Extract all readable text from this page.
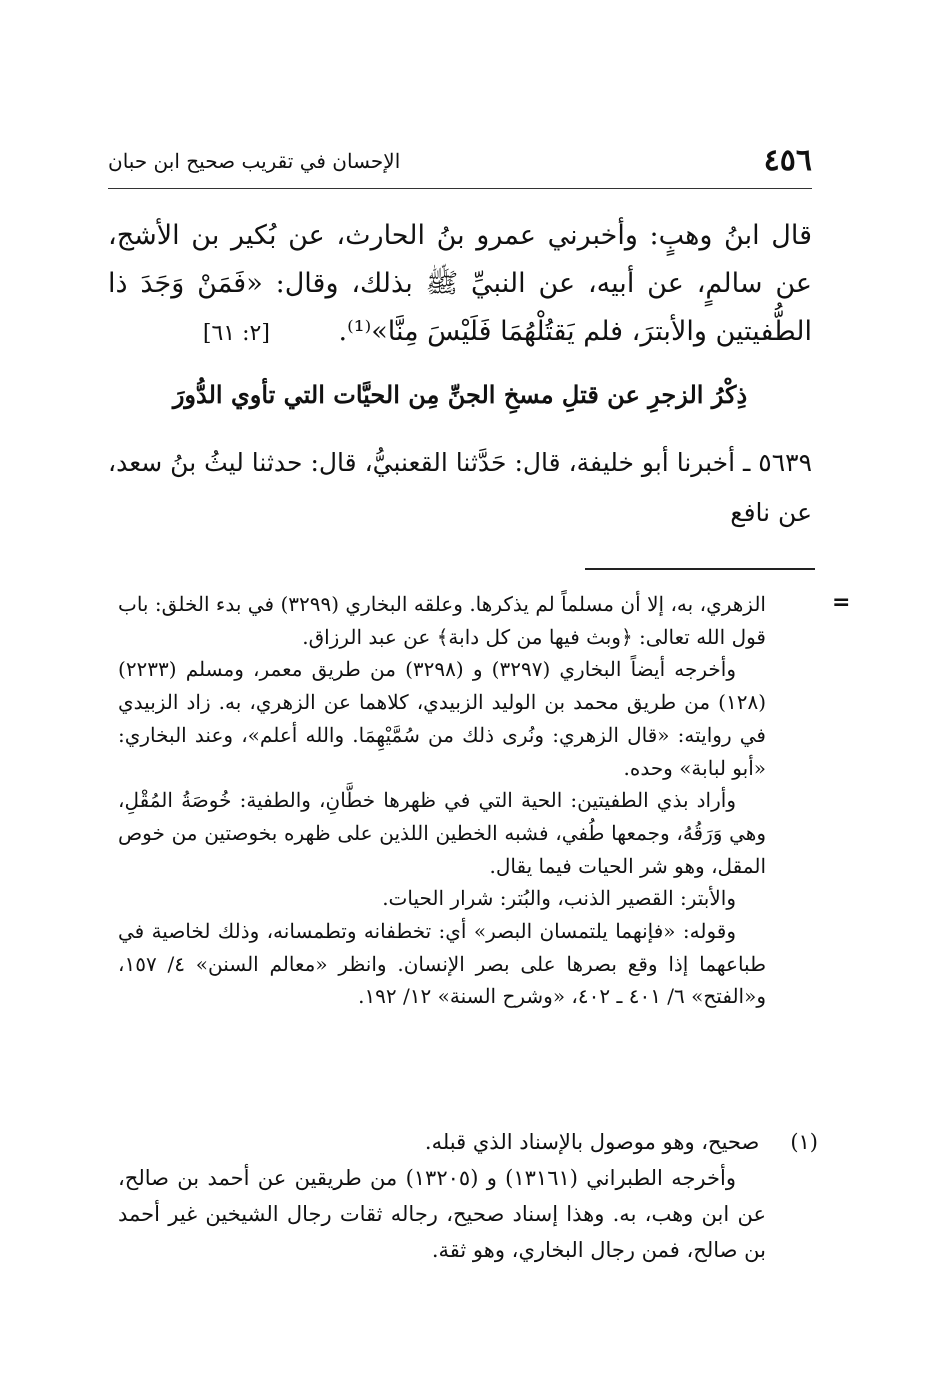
٤٥٦
الإحسان في تقريب صحيح ابن حبان

قال ابنُ وهبٍ: وأخبرني عمرو بنُ الحارث، عن بُكير بن الأشج، عن سالمٍ، عن أبيه، عن النبيِّ ﷺ بذلك، وقال: «فَمَنْ وَجَدَ ذا الطُّفيتين والأبترَ، فلم يَقتُلْهُمَا فَلَيْسَ مِنَّا»⁽¹⁾. [٢: ٦١]

ذِكْرُ الزجرِ عن قتلِ مسخِ الجنِّ مِن الحيَّات التي تأوي الدُّورَ

٥٦٣٩ ـ أخبرنا أبو خليفة، قال: حَدَّثنا القعنبيُّ، قال: حدثنا ليثُ بنُ سعد، عن نافع

=

الزهري، به، إلا أن مسلماً لم يذكرها. وعلقه البخاري (٣٢٩٩) في بدء الخلق: باب قول الله تعالى: ﴿وبث فيها من كل دابة﴾ عن عبد الرزاق.

وأخرجه أيضاً البخاري (٣٢٩٧) و (٣٢٩٨) من طريق معمر، ومسلم (٢٢٣٣) (١٢٨) من طريق محمد بن الوليد الزبيدي، كلاهما عن الزهري، به. زاد الزبيدي في روايته: «قال الزهري: ونُرى ذلك من سُمَّيْهِمَا. والله أعلم»، وعند البخاري: «أبو لبابة» وحده.

وأراد بذي الطفيتين: الحية التي في ظهرها خطَّانِ، والطفية: خُوصَةُ المُقْلِ، وهي وَرَقُهُ، وجمعها طُفي، فشبه الخطين اللذين على ظهره بخوصتين من خوص المقل، وهو شر الحيات فيما يقال.

والأبتر: القصير الذنب، والبُتر: شرار الحيات.

وقوله: «فإنهما يلتمسان البصر» أي: تخطفانه وتطمسانه، وذلك لخاصية في طباعهما إذا وقع بصرها على بصر الإنسان. وانظر «معالم السنن» ٤/ ١٥٧، و«الفتح» ٦/ ٤٠١ ـ ٤٠٢، «وشرح السنة» ١٢/ ١٩٢.

(١) صحيح، وهو موصول بالإسناد الذي قبله.

وأخرجه الطبراني (١٣١٦١) و (١٣٢٠٥) من طريقين عن أحمد بن صالح، عن ابن وهب، به. وهذا إسناد صحيح، رجاله ثقات رجال الشيخين غير أحمد بن صالح، فمن رجال البخاري، وهو ثقة.
